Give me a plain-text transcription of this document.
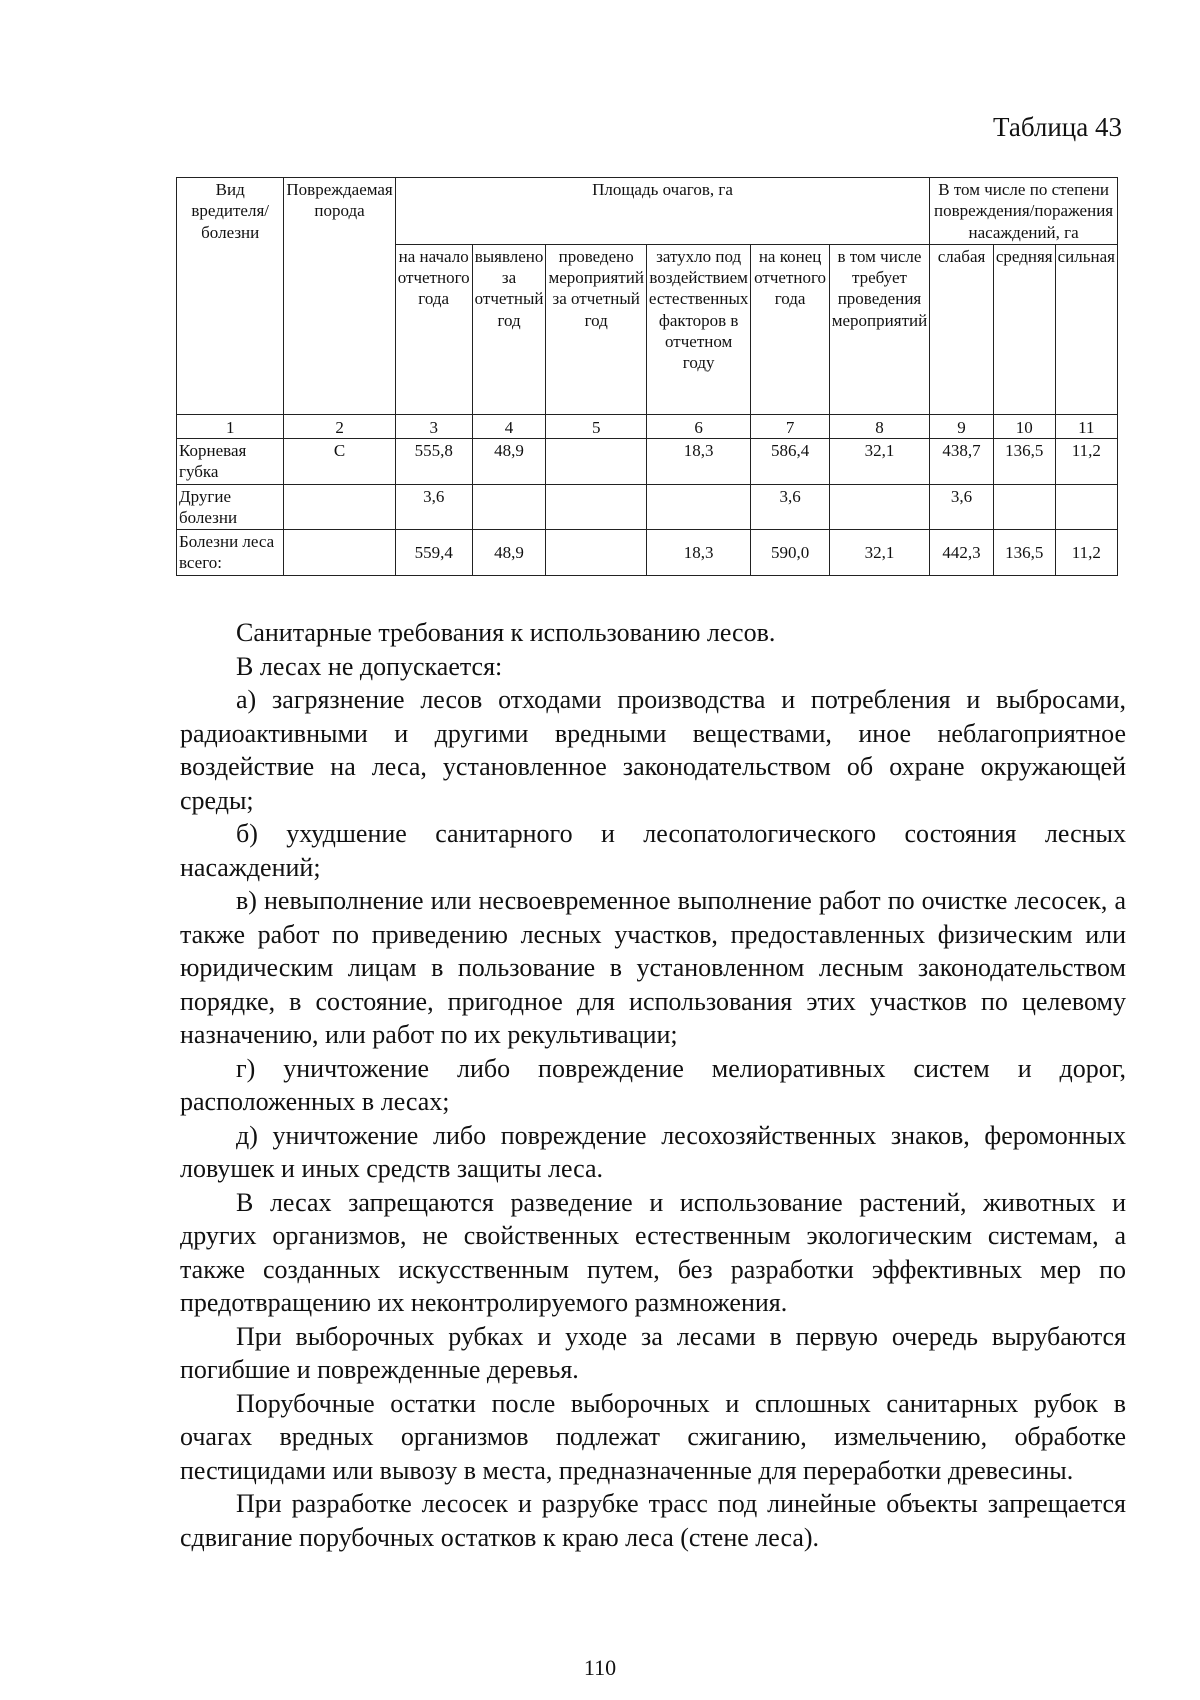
Таблица 43
Вид вредителя/болезни	Повреждаемая порода	Площадь очагов, га						В том числе по степени повреждения/поражения насаждений, га		
		на начало отчетного года	выявлено за отчетный год	проведено мероприятий за отчетный год	затухло под воздействием естественных факторов в отчетном году	на конец отчетного года	в том числе требует проведения мероприятий	слабая	средняя	сильная
1	2	3	4	5	6	7	8	9	10	11
Корневая губка	С	555,8	48,9		18,3	586,4	32,1	438,7	136,5	11,2
Другие болезни		3,6				3,6		3,6		
Болезни леса всего:		559,4	48,9		18,3	590,0	32,1	442,3	136,5	11,2

Санитарные требования к использованию лесов.

В лесах не допускается:

а) загрязнение лесов отходами производства и потребления и выбросами, радиоактивными и другими вредными веществами, иное неблагоприятное воздействие на леса, установленное законодательством об охране окружающей среды;

б) ухудшение санитарного и лесопатологического состояния лесных насаждений;

в) невыполнение или несвоевременное выполнение работ по очистке лесосек, а также работ по приведению лесных участков, предоставленных физическим или юридическим лицам в пользование в установленном лесным законодательством порядке, в состояние, пригодное для использования этих участков по целевому назначению, или работ по их рекультивации;

г) уничтожение либо повреждение мелиоративных систем и дорог, расположенных в лесах;

д) уничтожение либо повреждение лесохозяйственных знаков, феромонных ловушек и иных средств защиты леса.

В лесах запрещаются разведение и использование растений, животных и других организмов, не свойственных естественным экологическим системам, а также созданных искусственным путем, без разработки эффективных мер по предотвращению их неконтролируемого размножения.

При выборочных рубках и уходе за лесами в первую очередь вырубаются погибшие и поврежденные деревья.

Порубочные остатки после выборочных и сплошных санитарных рубок в очагах вредных организмов подлежат сжиганию, измельчению, обработке пестицидами или вывозу в места, предназначенные для переработки древесины.

При разработке лесосек и разрубке трасс под линейные объекты запрещается сдвигание порубочных остатков к краю леса (стене леса).

110
